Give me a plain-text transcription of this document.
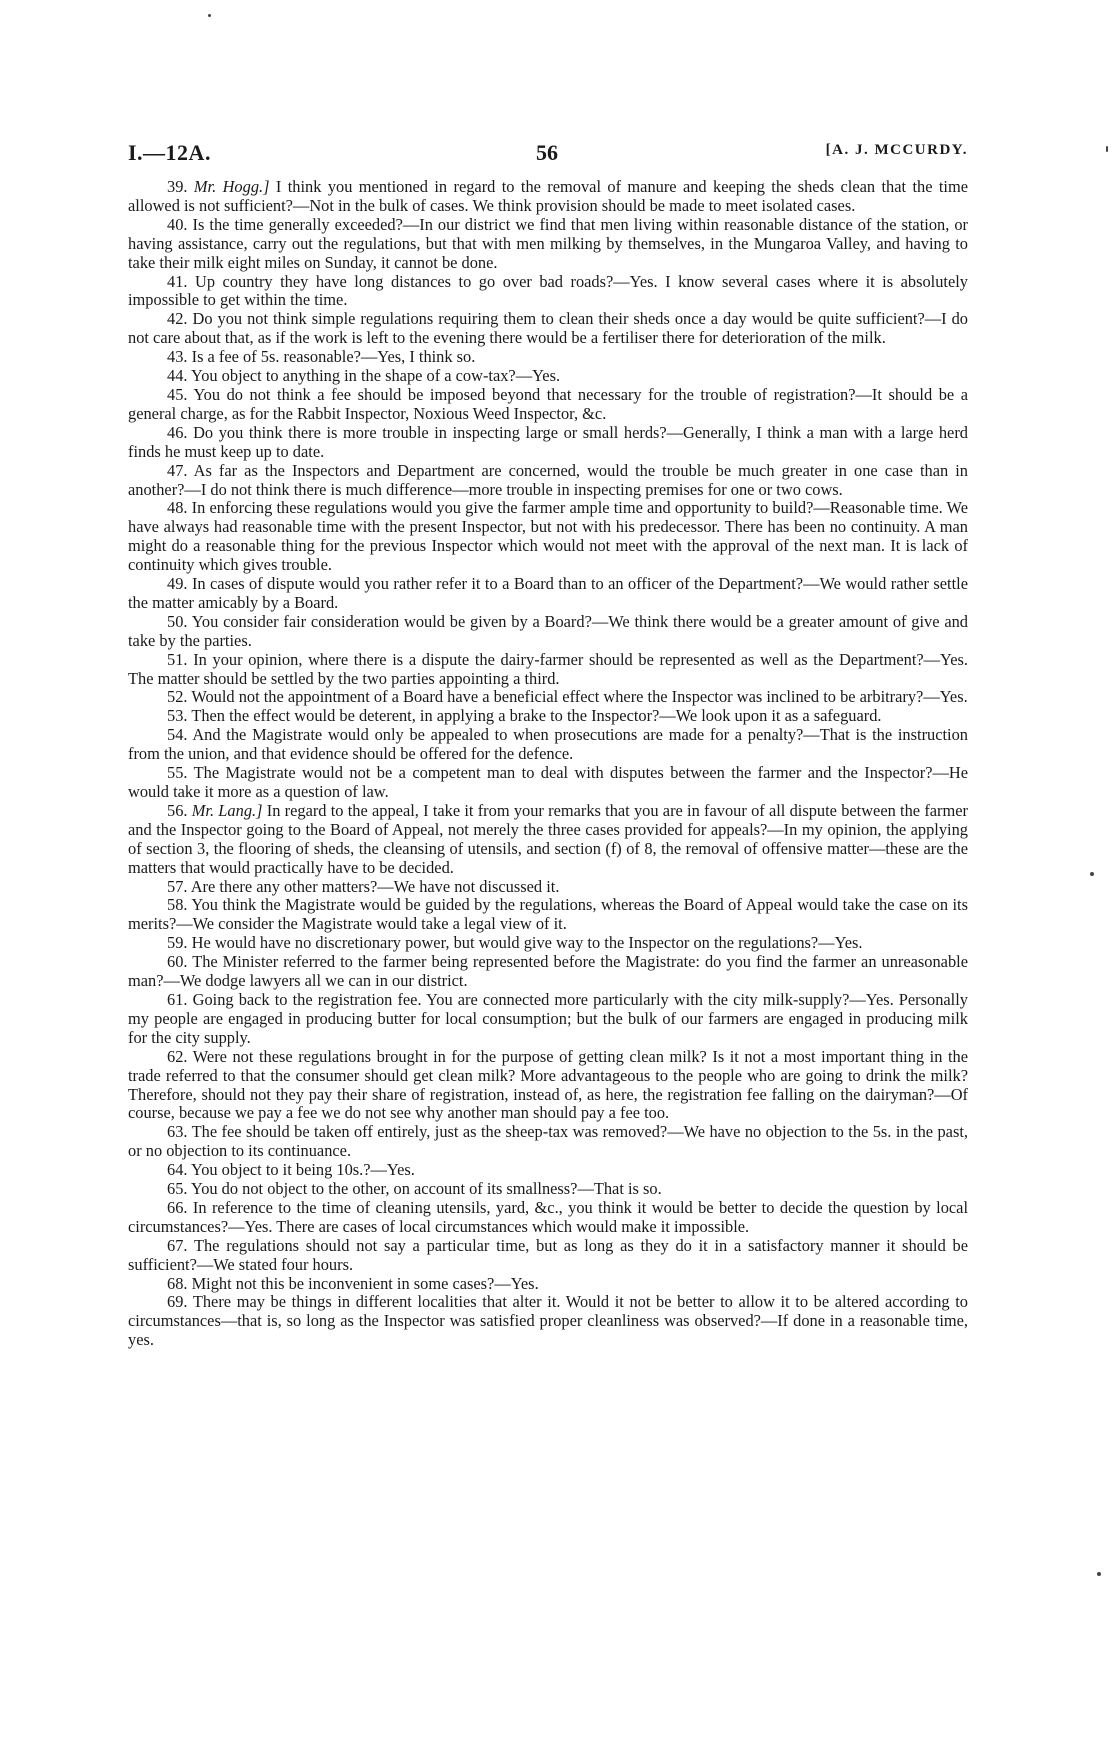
I.—12A.	56	[A. J. MCCURDY.

39. Mr. Hogg.] I think you mentioned in regard to the removal of manure and keeping the sheds clean that the time allowed is not sufficient?—Not in the bulk of cases. We think provision should be made to meet isolated cases.

40. Is the time generally exceeded?—In our district we find that men living within reasonable distance of the station, or having assistance, carry out the regulations, but that with men milking by themselves, in the Mungaroa Valley, and having to take their milk eight miles on Sunday, it cannot be done.

41. Up country they have long distances to go over bad roads?—Yes. I know several cases where it is absolutely impossible to get within the time.

42. Do you not think simple regulations requiring them to clean their sheds once a day would be quite sufficient?—I do not care about that, as if the work is left to the evening there would be a fertiliser there for deterioration of the milk.

43. Is a fee of 5s. reasonable?—Yes, I think so.

44. You object to anything in the shape of a cow-tax?—Yes.

45. You do not think a fee should be imposed beyond that necessary for the trouble of registration?—It should be a general charge, as for the Rabbit Inspector, Noxious Weed Inspector, &c.

46. Do you think there is more trouble in inspecting large or small herds?—Generally, I think a man with a large herd finds he must keep up to date.

47. As far as the Inspectors and Department are concerned, would the trouble be much greater in one case than in another?—I do not think there is much difference—more trouble in inspecting premises for one or two cows.

48. In enforcing these regulations would you give the farmer ample time and opportunity to build?—Reasonable time. We have always had reasonable time with the present Inspector, but not with his predecessor. There has been no continuity. A man might do a reasonable thing for the previous Inspector which would not meet with the approval of the next man. It is lack of continuity which gives trouble.

49. In cases of dispute would you rather refer it to a Board than to an officer of the Department?—We would rather settle the matter amicably by a Board.

50. You consider fair consideration would be given by a Board?—We think there would be a greater amount of give and take by the parties.

51. In your opinion, where there is a dispute the dairy-farmer should be represented as well as the Department?—Yes. The matter should be settled by the two parties appointing a third.

52. Would not the appointment of a Board have a beneficial effect where the Inspector was inclined to be arbitrary?—Yes.

53. Then the effect would be deterent, in applying a brake to the Inspector?—We look upon it as a safeguard.

54. And the Magistrate would only be appealed to when prosecutions are made for a penalty?—That is the instruction from the union, and that evidence should be offered for the defence.

55. The Magistrate would not be a competent man to deal with disputes between the farmer and the Inspector?—He would take it more as a question of law.

56. Mr. Lang.] In regard to the appeal, I take it from your remarks that you are in favour of all dispute between the farmer and the Inspector going to the Board of Appeal, not merely the three cases provided for appeals?—In my opinion, the applying of section 3, the flooring of sheds, the cleansing of utensils, and section (f) of 8, the removal of offensive matter—these are the matters that would practically have to be decided.

57. Are there any other matters?—We have not discussed it.

58. You think the Magistrate would be guided by the regulations, whereas the Board of Appeal would take the case on its merits?—We consider the Magistrate would take a legal view of it.

59. He would have no discretionary power, but would give way to the Inspector on the regulations?—Yes.

60. The Minister referred to the farmer being represented before the Magistrate: do you find the farmer an unreasonable man?—We dodge lawyers all we can in our district.

61. Going back to the registration fee. You are connected more particularly with the city milk-supply?—Yes. Personally my people are engaged in producing butter for local consumption; but the bulk of our farmers are engaged in producing milk for the city supply.

62. Were not these regulations brought in for the purpose of getting clean milk? Is it not a most important thing in the trade referred to that the consumer should get clean milk? More advantageous to the people who are going to drink the milk? Therefore, should not they pay their share of registration, instead of, as here, the registration fee falling on the dairyman?—Of course, because we pay a fee we do not see why another man should pay a fee too.

63. The fee should be taken off entirely, just as the sheep-tax was removed?—We have no objection to the 5s. in the past, or no objection to its continuance.

64. You object to it being 10s.?—Yes.

65. You do not object to the other, on account of its smallness?—That is so.

66. In reference to the time of cleaning utensils, yard, &c., you think it would be better to decide the question by local circumstances?—Yes. There are cases of local circumstances which would make it impossible.

67. The regulations should not say a particular time, but as long as they do it in a satisfactory manner it should be sufficient?—We stated four hours.

68. Might not this be inconvenient in some cases?—Yes.

69. There may be things in different localities that alter it. Would it not be better to allow it to be altered according to circumstances—that is, so long as the Inspector was satisfied proper cleanliness was observed?—If done in a reasonable time, yes.
